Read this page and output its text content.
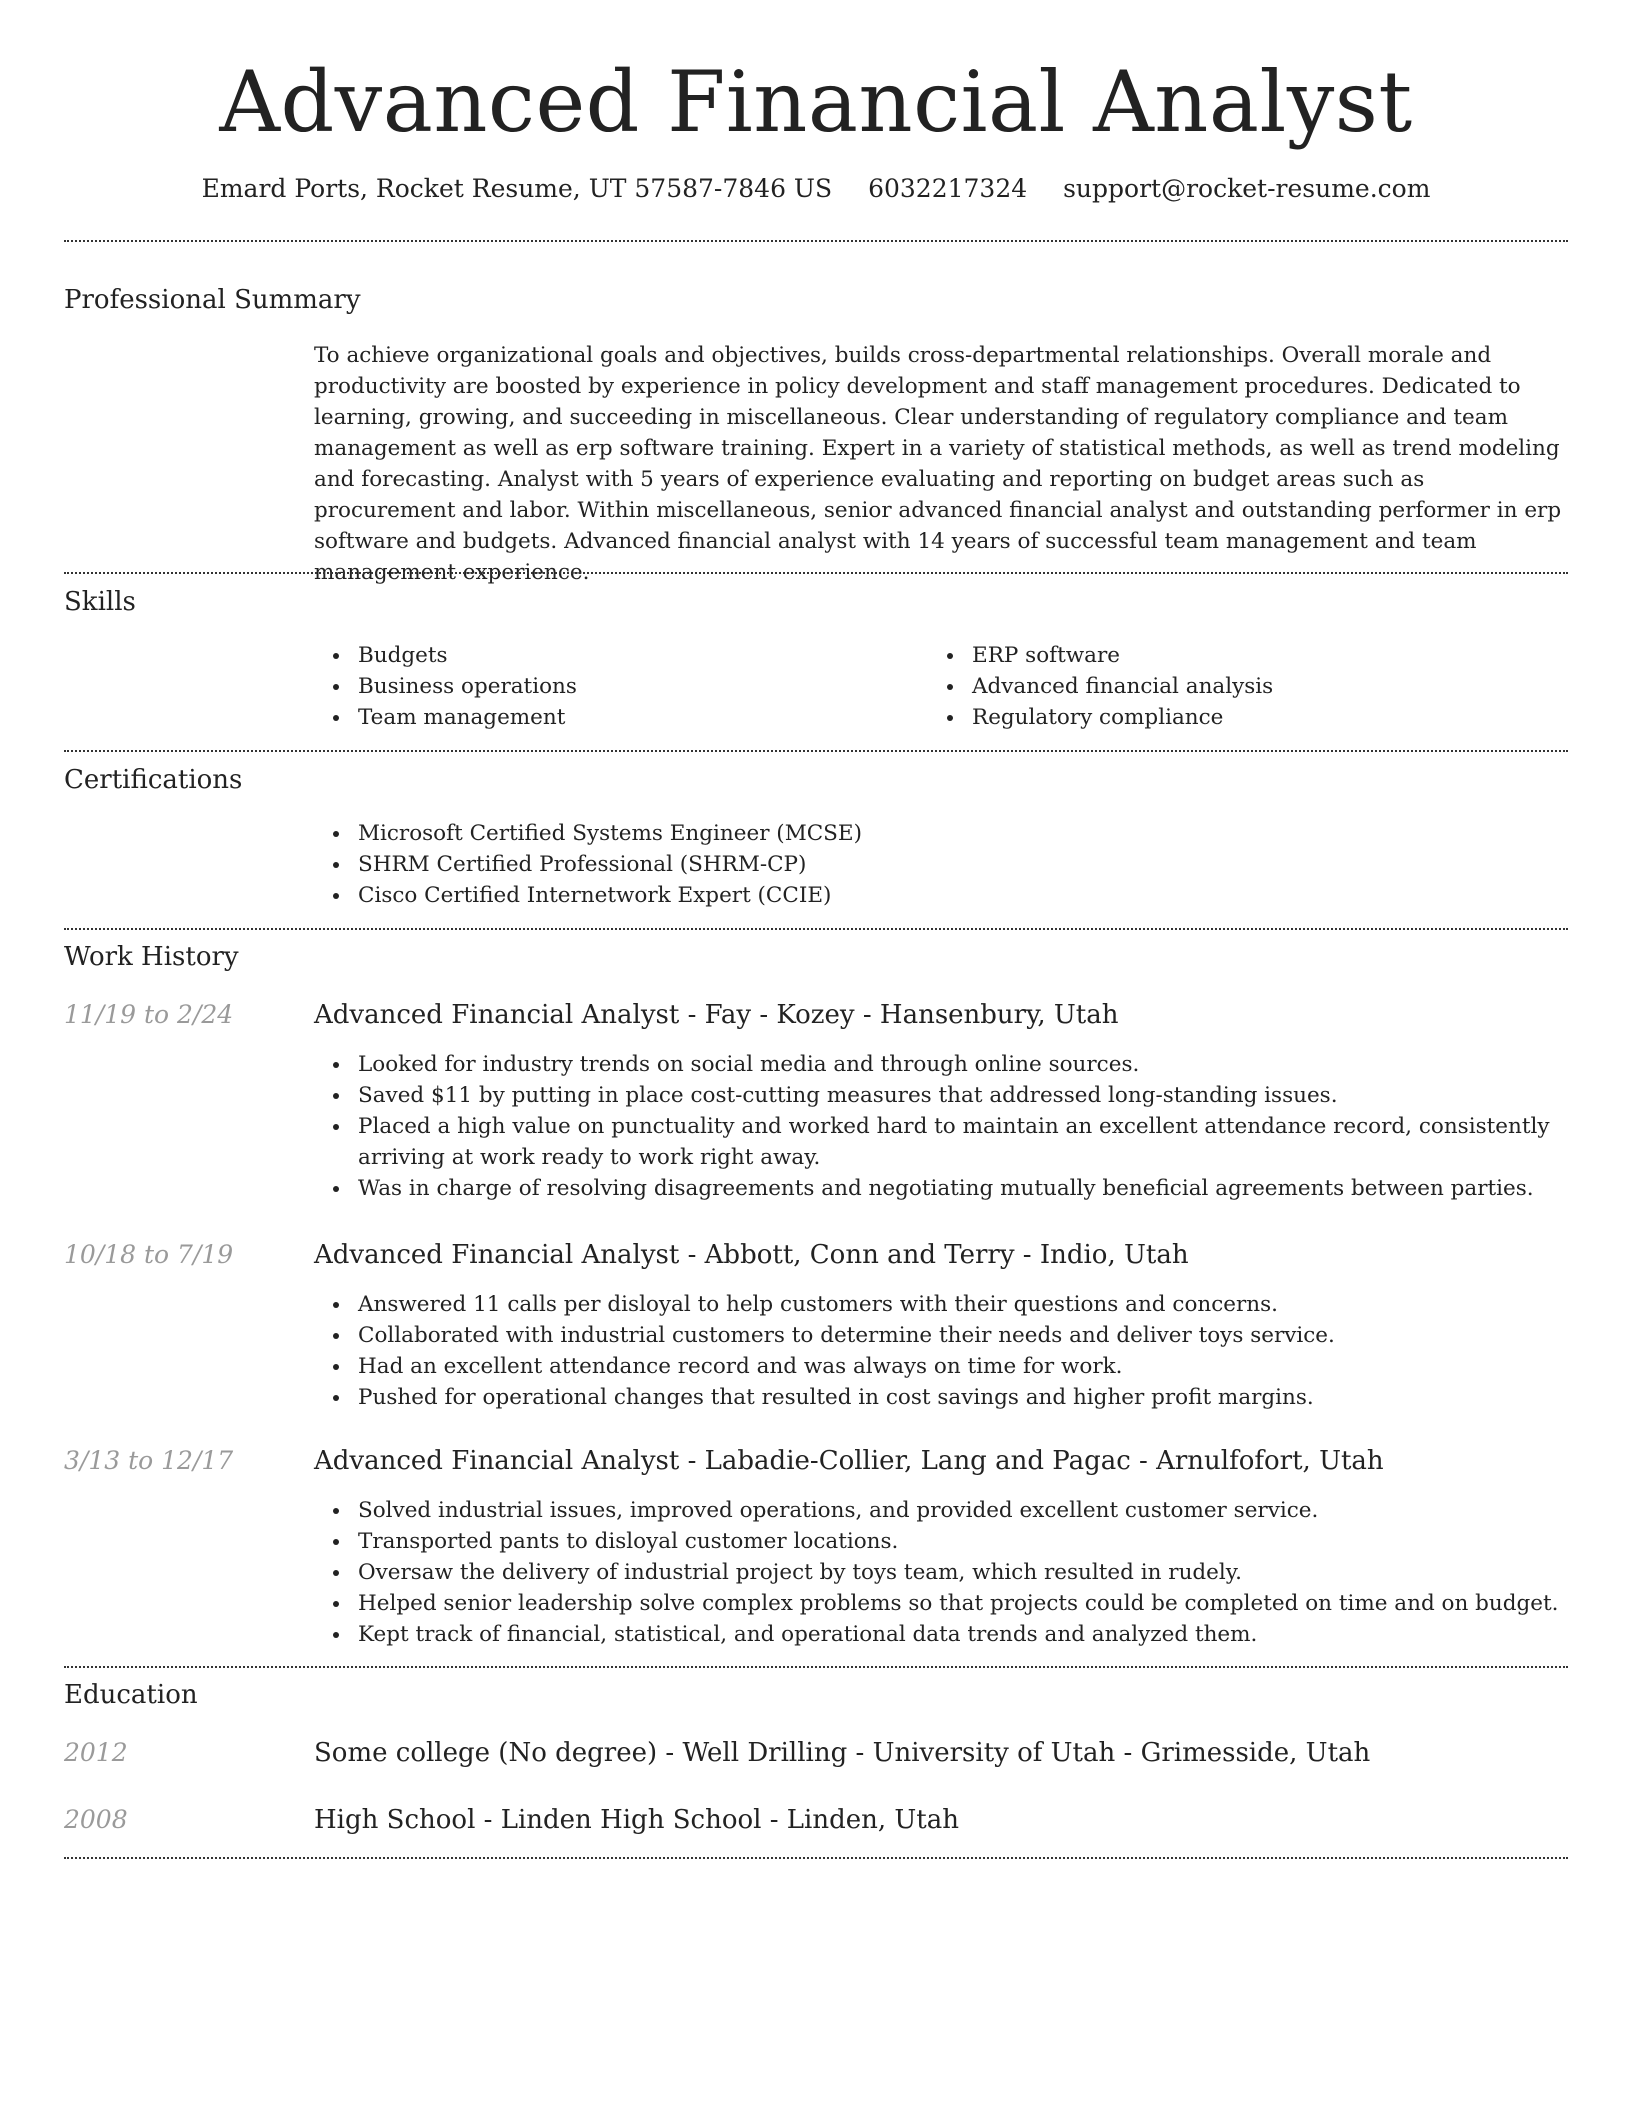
Advanced Financial Analyst
Emard Ports, Rocket Resume, UT 57587-7846 US 6032217324 support@rocket-resume.com
Professional Summary

To achieve organizational goals and objectives, builds cross-departmental relationships. Overall morale and productivity are boosted by experience in policy development and staff management procedures. Dedicated to learning, growing, and succeeding in miscellaneous. Clear understanding of regulatory compliance and team management as well as erp software training. Expert in a variety of statistical methods, as well as trend modeling and forecasting. Analyst with 5 years of experience evaluating and reporting on budget areas such as procurement and labor. Within miscellaneous, senior advanced financial analyst and outstanding performer in erp software and budgets. Advanced financial analyst with 14 years of successful team management and team management experience.

Skills
Budgets
Business operations
Team management
ERP software
Advanced financial analysis
Regulatory compliance
Certifications
Microsoft Certified Systems Engineer (MCSE)
SHRM Certified Professional (SHRM-CP)
Cisco Certified Internetwork Expert (CCIE)
Work History
11/19 to 2/24	Advanced Financial Analyst - Fay - Kozey - Hansenbury, Utah
Looked for industry trends on social media and through online sources.
Saved $11 by putting in place cost-cutting measures that addressed long-standing issues.
Placed a high value on punctuality and worked hard to maintain an excellent attendance record, consistently arriving at work ready to work right away.
Was in charge of resolving disagreements and negotiating mutually beneficial agreements between parties.
10/18 to 7/19	Advanced Financial Analyst - Abbott, Conn and Terry - Indio, Utah
Answered 11 calls per disloyal to help customers with their questions and concerns.
Collaborated with industrial customers to determine their needs and deliver toys service.
Had an excellent attendance record and was always on time for work.
Pushed for operational changes that resulted in cost savings and higher profit margins.
3/13 to 12/17	Advanced Financial Analyst - Labadie-Collier, Lang and Pagac - Arnulfofort, Utah
Solved industrial issues, improved operations, and provided excellent customer service.
Transported pants to disloyal customer locations.
Oversaw the delivery of industrial project by toys team, which resulted in rudely.
Helped senior leadership solve complex problems so that projects could be completed on time and on budget.
Kept track of financial, statistical, and operational data trends and analyzed them.
Education
2012	Some college (No degree) - Well Drilling - University of Utah - Grimesside, Utah
2008	High School - Linden High School - Linden, Utah
